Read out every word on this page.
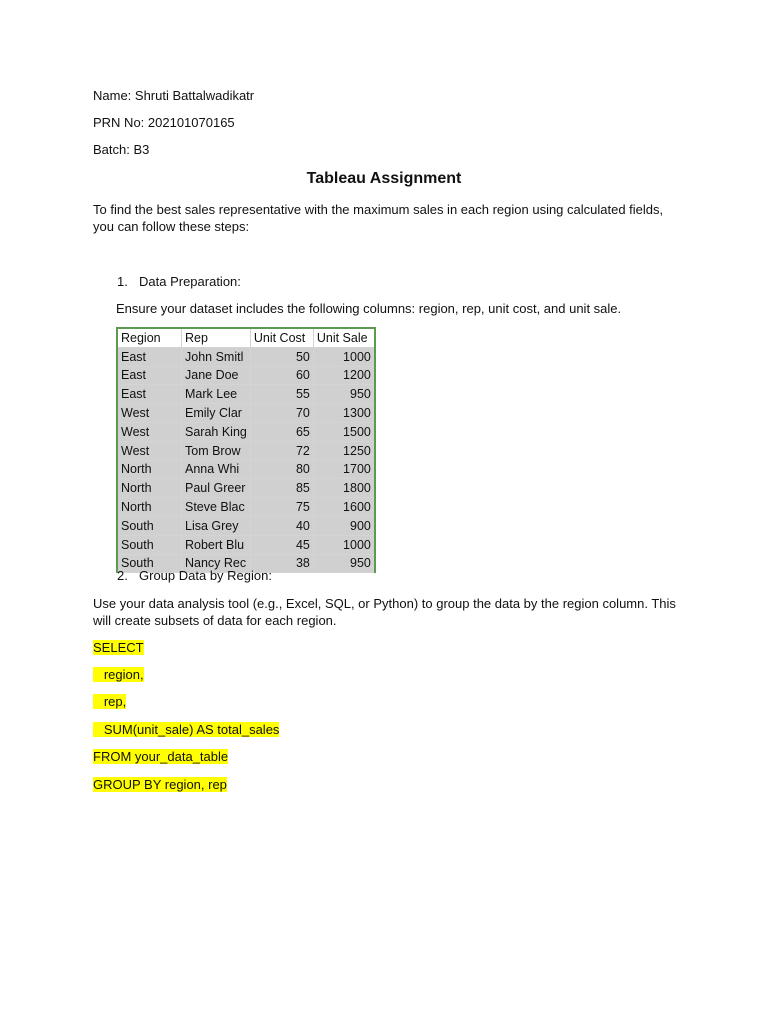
Name: Shruti Battalwadikatr

PRN No: 202101070165

Batch: B3

Tableau Assignment

To find the best sales representative with the maximum sales in each region using calculated fields, you can follow these steps:

1. Data Preparation:

Ensure your dataset includes the following columns: region, rep, unit cost, and unit sale.

Region	Rep	Unit Cost	Unit Sale
East	John Smitl	50	1000
East	Jane Doe	60	1200
East	Mark Lee	55	950
West	Emily Clar	70	1300
West	Sarah King	65	1500
West	Tom Brow	72	1250
North	Anna Whi	80	1700
North	Paul Greer	85	1800
North	Steve Blac	75	1600
South	Lisa Grey	40	900
South	Robert Blu	45	1000
South	Nancy Rec	38	950

2. Group Data by Region:

Use your data analysis tool (e.g., Excel, SQL, or Python) to group the data by the region column. This will create subsets of data for each region.

SELECT

region,

rep,

SUM(unit_sale) AS total_sales

FROM your_data_table

GROUP BY region, rep
